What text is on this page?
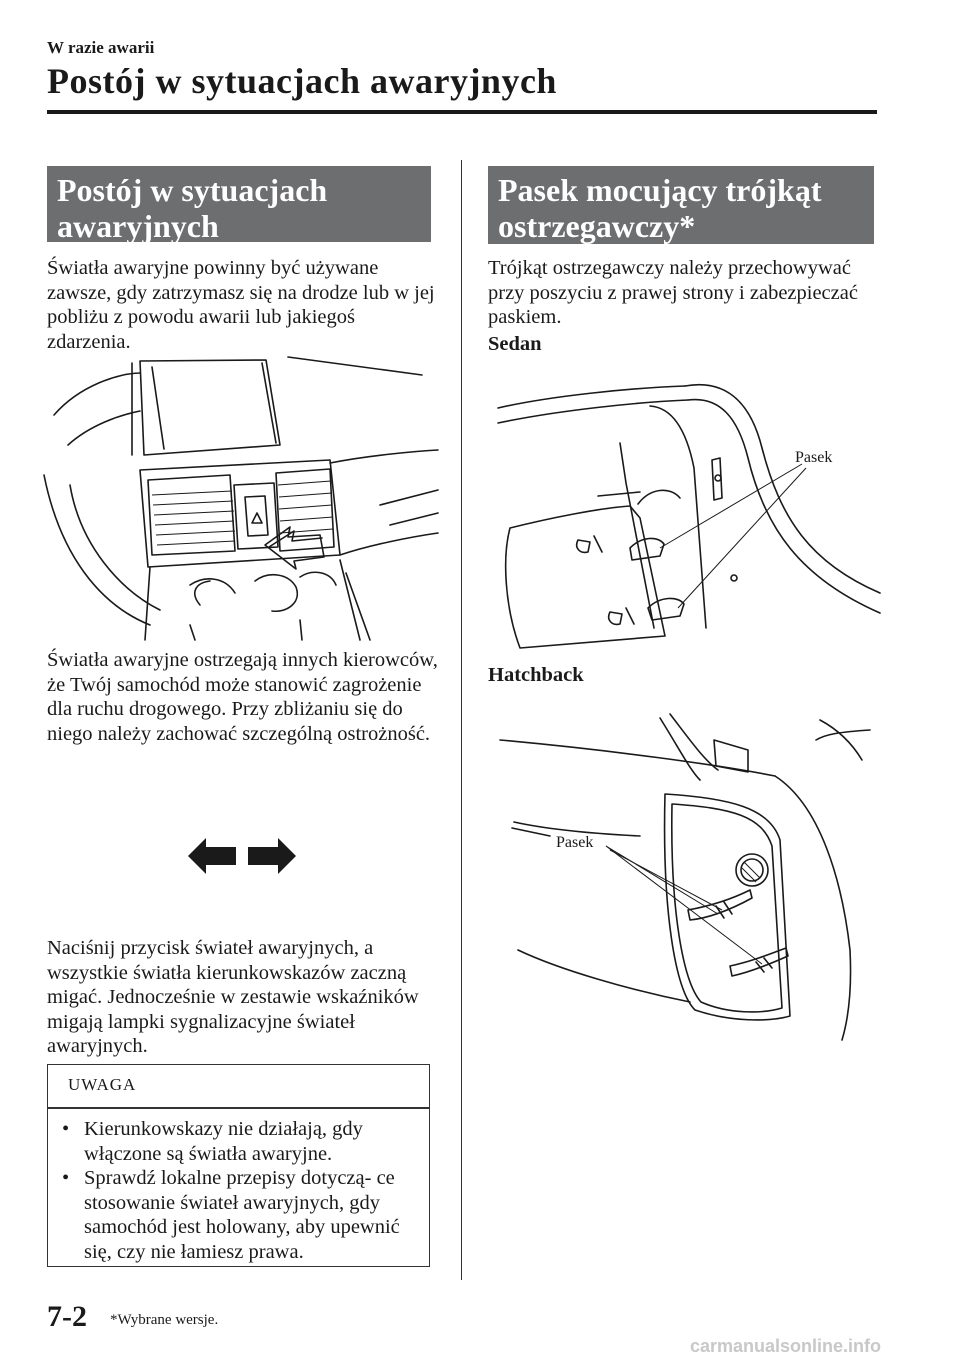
W razie awarii
Postój w sytuacjach awaryjnych
Postój w sytuacjach
awaryjnych
Światła awaryjne powinny być używane zawsze, gdy zatrzymasz się na drodze lub w jej pobliżu z powodu awarii lub jakiegoś zdarzenia.
Światła awaryjne ostrzegają innych kierowców, że Twój samochód może stanowić zagrożenie dla ruchu drogowego. Przy zbliżaniu się do niego należy zachować szczególną ostrożność.
Naciśnij przycisk świateł awaryjnych, a wszystkie światła kierunkowskazów zaczną migać. Jednocześnie w zestawie wskaźników migają lampki sygnalizacyjne świateł awaryjnych.
UWAGA
• Kierunkowskazy nie działają, gdy włączone są światła awaryjne.
• Sprawdź lokalne przepisy dotyczą- ce stosowanie świateł awaryjnych, gdy samochód jest holowany, aby upewnić się, czy nie łamiesz prawa.
Pasek mocujący trójkąt
ostrzegawczy*
Trójkąt ostrzegawczy należy przechowywać przy poszyciu z prawej strony i zabezpieczać paskiem.
Sedan
Pasek
Hatchback
Pasek
7-2 *Wybrane wersje.
carmanualsonline.info
